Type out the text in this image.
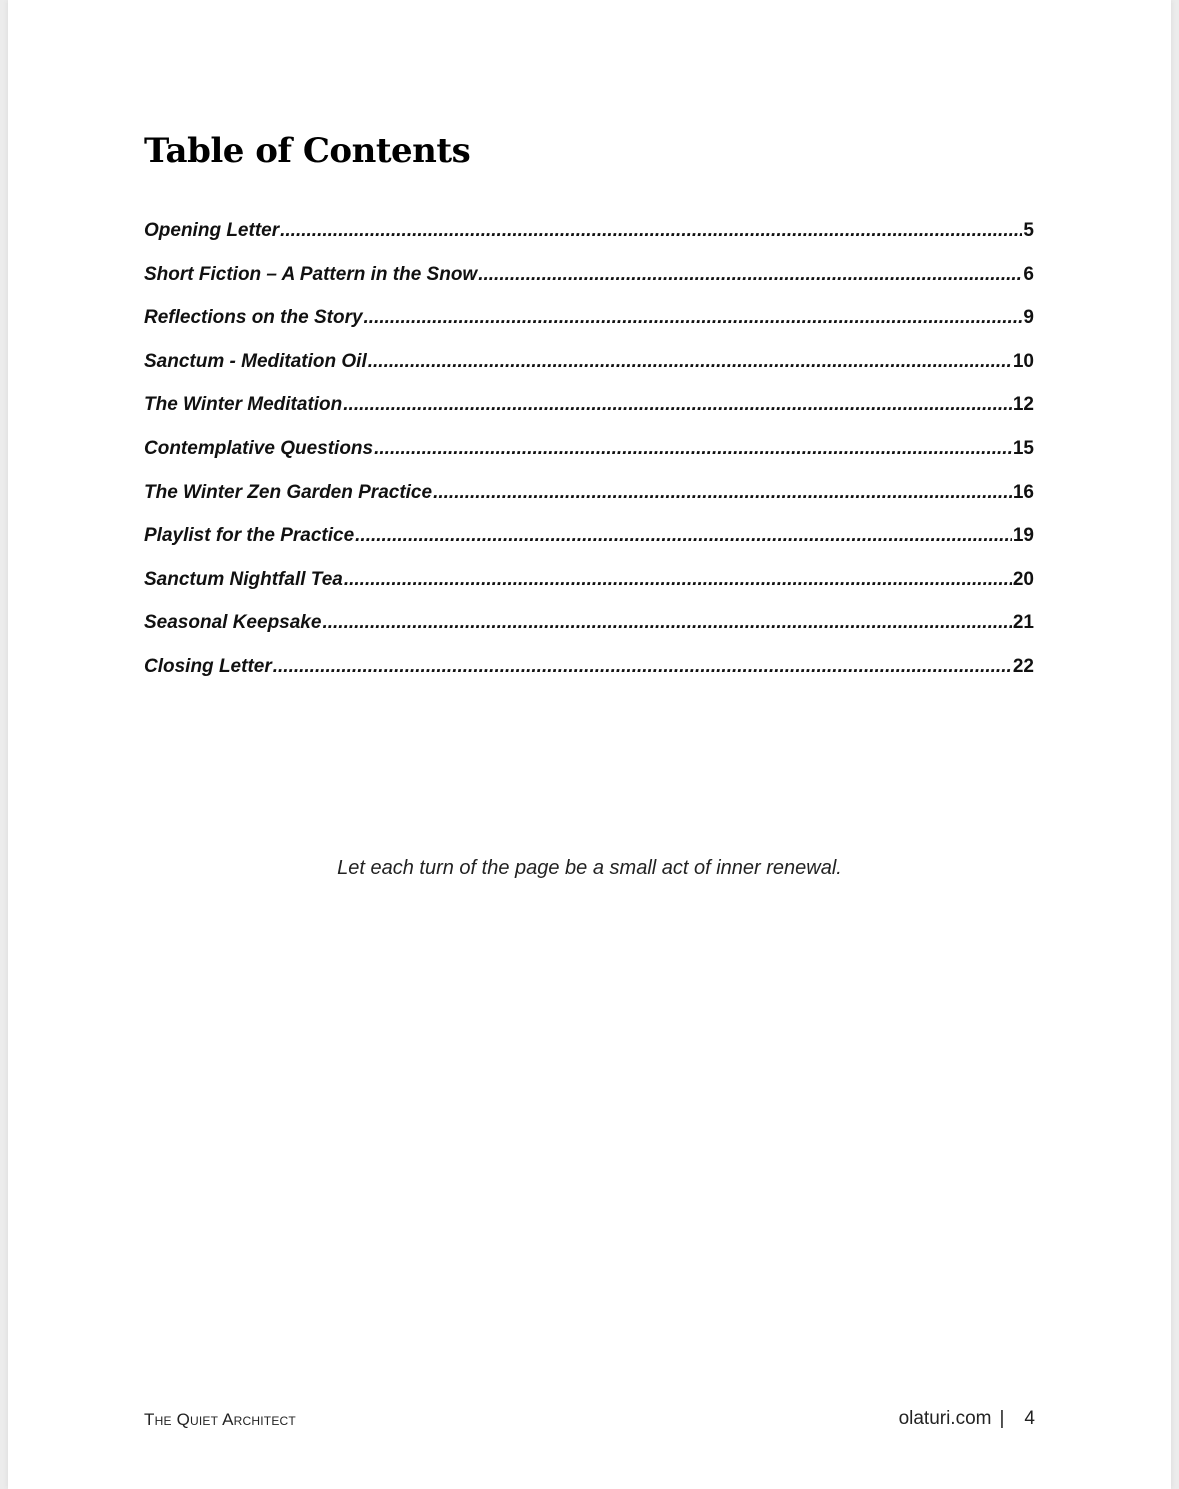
Table of Contents
Opening Letter .....	5
Short Fiction – A Pattern in the Snow .....	6
Reflections on the Story .....	9
Sanctum - Meditation Oil .....	10
The Winter Meditation .....	12
Contemplative Questions .....	15
The Winter Zen Garden Practice .....	16
Playlist for the Practice .....	19
Sanctum Nightfall Tea .....	20
Seasonal Keepsake .....	21
Closing Letter .....	22

Let each turn of the page be a small act of inner renewal.

The Quiet Architect	olaturi.com | 4
